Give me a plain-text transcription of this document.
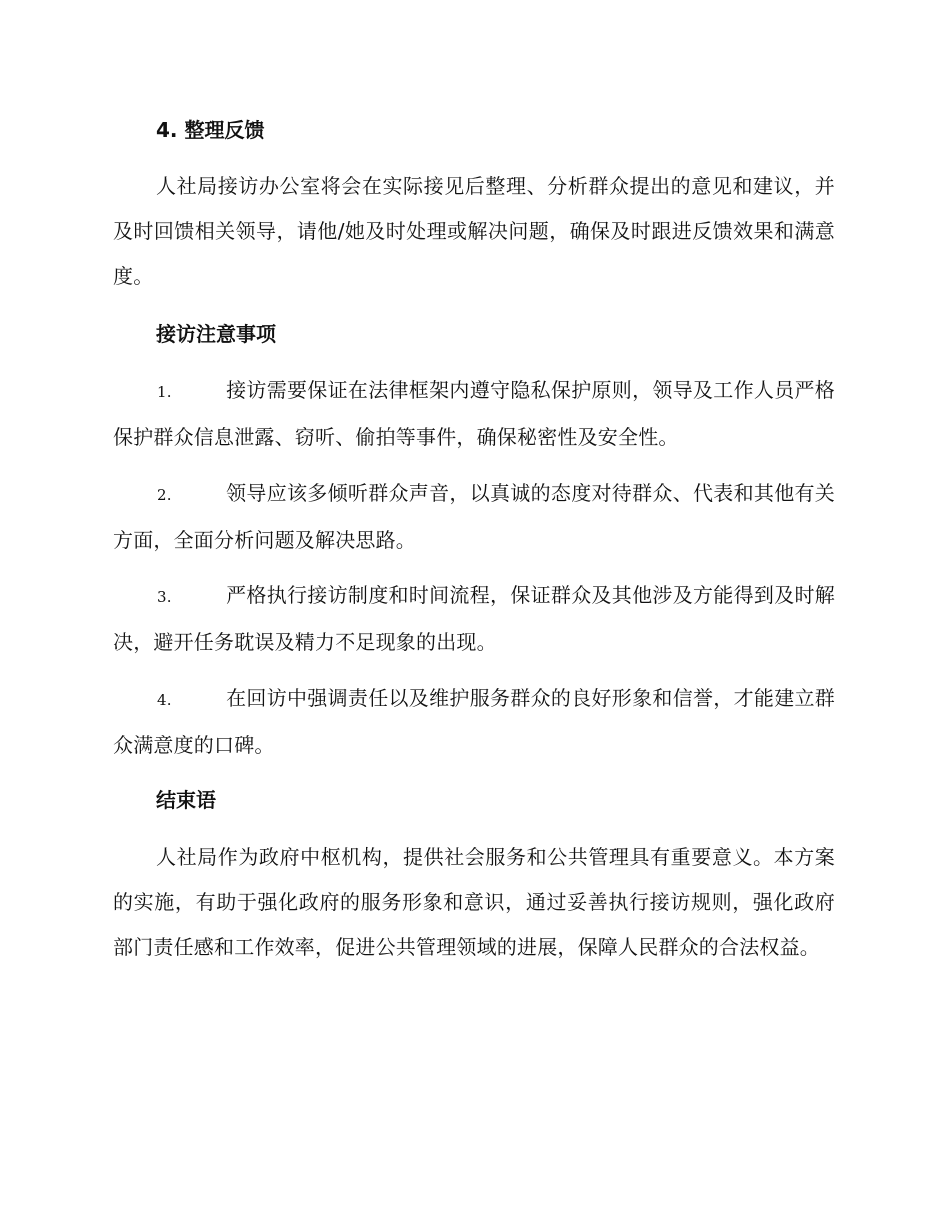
4. 整理反馈
人社局接访办公室将会在实际接见后整理、分析群众提出的意见和建议，并及时回馈相关领导，请他/她及时处理或解决问题，确保及时跟进反馈效果和满意度。
接访注意事项
1.	接访需要保证在法律框架内遵守隐私保护原则，领导及工作人员严格保护群众信息泄露、窃听、偷拍等事件，确保秘密性及安全性。
2.	领导应该多倾听群众声音，以真诚的态度对待群众、代表和其他有关方面，全面分析问题及解决思路。
3.	严格执行接访制度和时间流程，保证群众及其他涉及方能得到及时解决，避开任务耽误及精力不足现象的出现。
4.	在回访中强调责任以及维护服务群众的良好形象和信誉，才能建立群众满意度的口碑。
结束语
人社局作为政府中枢机构，提供社会服务和公共管理具有重要意义。本方案的实施，有助于强化政府的服务形象和意识，通过妥善执行接访规则，强化政府部门责任感和工作效率，促进公共管理领域的进展，保障人民群众的合法权益。
